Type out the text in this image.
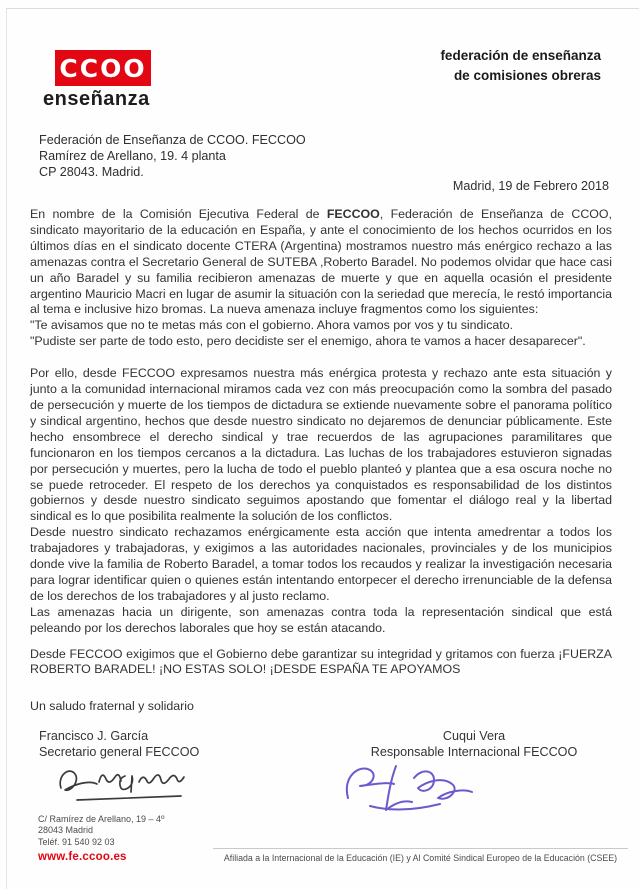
CCOO
enseñanza
federación de enseñanza
de comisiones obreras
Federación de Enseñanza de CCOO. FECCOO
Ramírez de Arellano, 19. 4 planta
CP 28043. Madrid.
Madrid, 19 de Febrero 2018
En nombre de la Comisión Ejecutiva Federal de FECCOO, Federación de Enseñanza de CCOO, sindicato mayoritario de la educación en España, y ante el conocimiento de los hechos ocurridos en los últimos días en el sindicato docente CTERA (Argentina) mostramos nuestro más enérgico rechazo a las amenazas contra el Secretario General de SUTEBA ,Roberto Baradel. No podemos olvidar que hace casi un año Baradel y su familia recibieron amenazas de muerte y que en aquella ocasión el presidente argentino Mauricio Macri en lugar de asumir la situación con la seriedad que merecía, le restó importancia al tema e inclusive hizo bromas. La nueva amenaza incluye fragmentos como los siguientes:
"Te avisamos que no te metas más con el gobierno. Ahora vamos por vos y tu sindicato.
"Pudiste ser parte de todo esto, pero decidiste ser el enemigo, ahora te vamos a hacer desaparecer".
Por ello, desde FECCOO expresamos nuestra más enérgica protesta y rechazo ante esta situación y junto a la comunidad internacional miramos cada vez con más preocupación como la sombra del pasado de persecución y muerte de los tiempos de dictadura se extiende nuevamente sobre el panorama político y sindical argentino, hechos que desde nuestro sindicato no dejaremos de denunciar públicamente. Este hecho ensombrece el derecho sindical y trae recuerdos de las agrupaciones paramilitares que funcionaron en los tiempos cercanos a la dictadura. Las luchas de los trabajadores estuvieron signadas por persecución y muertes, pero la lucha de todo el pueblo planteó y plantea que a esa oscura noche no se puede retroceder. El respeto de los derechos ya conquistados es responsabilidad de los distintos gobiernos y desde nuestro sindicato seguimos apostando que fomentar el diálogo real y la libertad sindical es lo que posibilita realmente la solución de los conflictos.
Desde nuestro sindicato rechazamos enérgicamente esta acción que intenta amedrentar a todos los trabajadores y trabajadoras, y exigimos a las autoridades nacionales, provinciales y de los municipios donde vive la familia de Roberto Baradel, a tomar todos los recaudos y realizar la investigación necesaria para lograr identificar quien o quienes están intentando entorpecer el derecho irrenunciable de la defensa de los derechos de los trabajadores y al justo reclamo.
Las amenazas hacia un dirigente, son amenazas contra toda la representación sindical que está peleando por los derechos laborales que hoy se están atacando.
Desde FECCOO exigimos que el Gobierno debe garantizar su integridad y gritamos con fuerza ¡FUERZA ROBERTO BARADEL! ¡NO ESTAS SOLO! ¡DESDE ESPAÑA TE APOYAMOS
Un saludo fraternal y solidario
Francisco J. García
Secretario general FECCOO
Cuqui Vera
Responsable Internacional FECCOO
C/ Ramírez de Arellano, 19 – 4º
28043 Madrid
Teléf. 91 540 92 03
www.fe.ccoo.es	Afiliada a la Internacional de la Educación (IE) y Al Comité Sindical Europeo de la Educación (CSEE)
